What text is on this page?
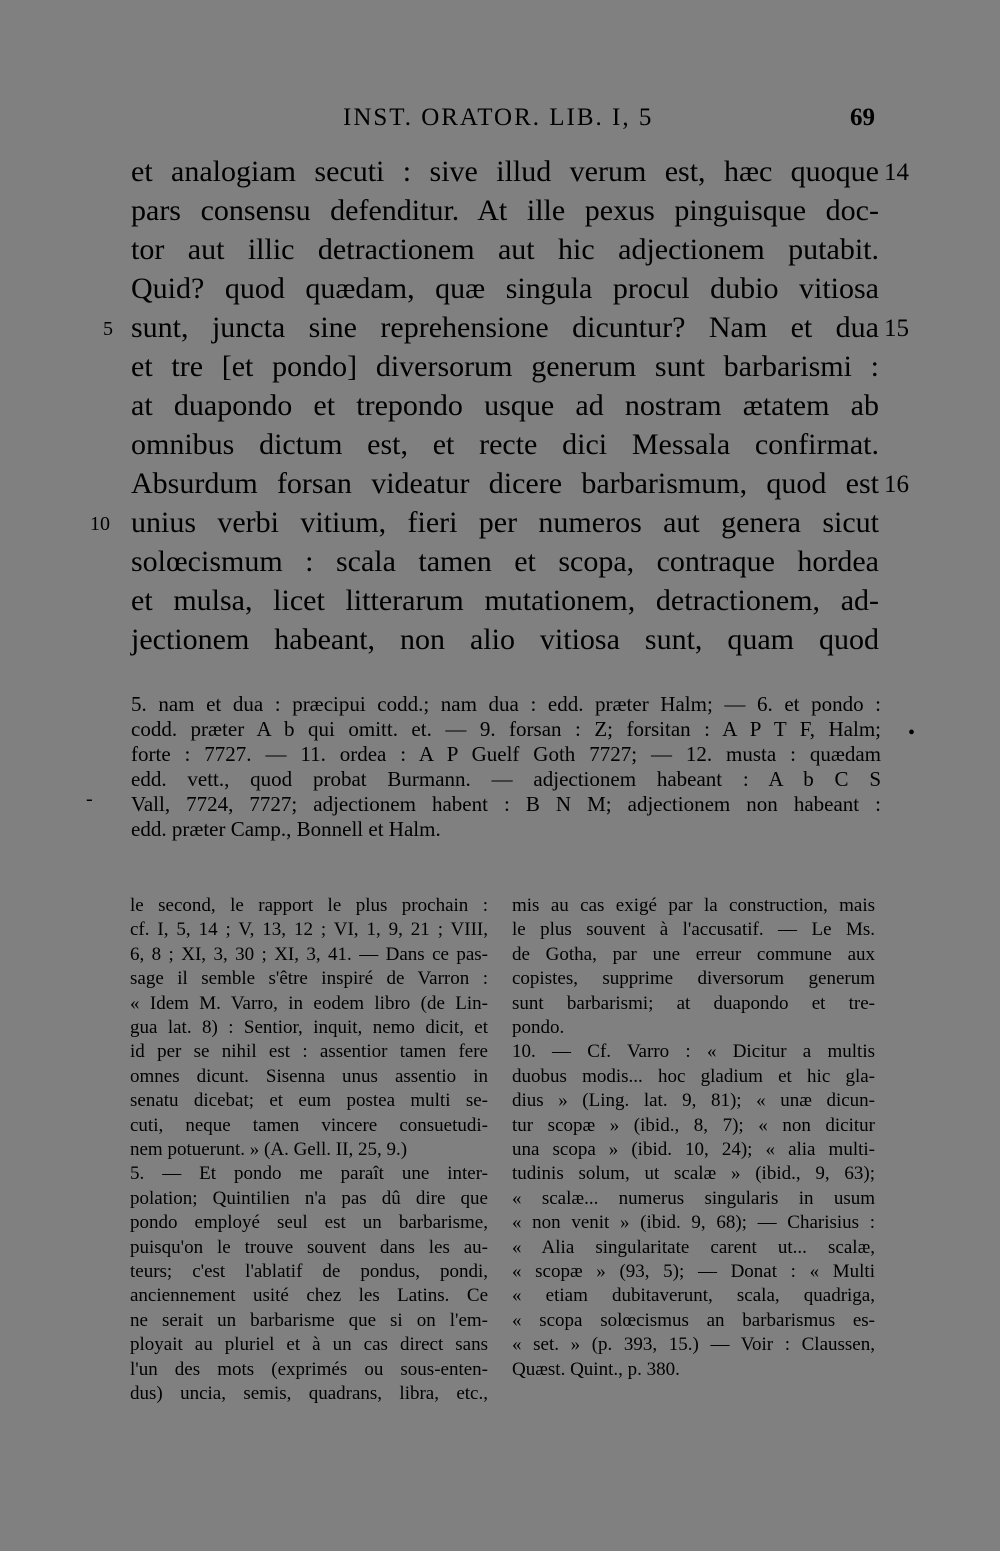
INST. ORATOR. LIB. I, 5	69
et analogiam secuti : sive illud verum est, hæc quoque
pars consensu defenditur. At ille pexus pinguisque doc-
tor aut illic detractionem aut hic adjectionem putabit.
Quid? quod quædam, quæ singula procul dubio vitiosa
sunt, juncta sine reprehensione dicuntur? Nam et dua
et tre [et pondo] diversorum generum sunt barbarismi :
at duapondo et trepondo usque ad nostram ætatem ab
omnibus dictum est, et recte dici Messala confirmat.
Absurdum forsan videatur dicere barbarismum, quod est
unius verbi vitium, fieri per numeros aut genera sicut
solœcismum : scala tamen et scopa, contraque hordea
et mulsa, licet litterarum mutationem, detractionem, ad-
jectionem habeant, non alio vitiosa sunt, quam quod
5
10
14
15
16
5. nam et dua : præcipui codd.; nam dua : edd. præter Halm; — 6. et pondo :
codd. præter A b qui omitt. et. — 9. forsan : Z; forsitan : A P T F, Halm;
forte : 7727. — 11. ordea : A P Guelf Goth 7727; — 12. musta : quædam
edd. vett., quod probat Burmann. — adjectionem habeant : A b C S
Vall, 7724, 7727; adjectionem habent : B N M; adjectionem non habeant :
edd. præter Camp., Bonnell et Halm.
•
-
le second, le rapport le plus prochain :
cf. I, 5, 14 ; V, 13, 12 ; VI, 1, 9, 21 ; VIII,
6, 8 ; XI, 3, 30 ; XI, 3, 41. — Dans ce pas-
sage il semble s'être inspiré de Varron :
« Idem M. Varro, in eodem libro (de Lin-
gua lat. 8) : Sentior, inquit, nemo dicit, et
id per se nihil est : assentior tamen fere
omnes dicunt. Sisenna unus assentio in
senatu dicebat; et eum postea multi se-
cuti, neque tamen vincere consuetudi-
nem potuerunt. » (A. Gell. II, 25, 9.)
5. — Et pondo me paraît une inter-
polation; Quintilien n'a pas dû dire que
pondo employé seul est un barbarisme,
puisqu'on le trouve souvent dans les au-
teurs; c'est l'ablatif de pondus, pondi,
anciennement usité chez les Latins. Ce
ne serait un barbarisme que si on l'em-
ployait au pluriel et à un cas direct sans
l'un des mots (exprimés ou sous-enten-
dus) uncia, semis, quadrans, libra, etc.,
mis au cas exigé par la construction, mais
le plus souvent à l'accusatif. — Le Ms.
de Gotha, par une erreur commune aux
copistes, supprime diversorum generum
sunt barbarismi; at duapondo et tre-
pondo.
10. — Cf. Varro : « Dicitur a multis
duobus modis... hoc gladium et hic gla-
dius » (Ling. lat. 9, 81); « unæ dicun-
tur scopæ » (ibid., 8, 7); « non dicitur
una scopa » (ibid. 10, 24); « alia multi-
tudinis solum, ut scalæ » (ibid., 9, 63);
« scalæ... numerus singularis in usum
« non venit » (ibid. 9, 68); — Charisius :
« Alia singularitate carent ut... scalæ,
« scopæ » (93, 5); — Donat : « Multi
« etiam dubitaverunt, scala, quadriga,
« scopa solœcismus an barbarismus es-
« set. » (p. 393, 15.) — Voir : Claussen,
Quæst. Quint., p. 380.
